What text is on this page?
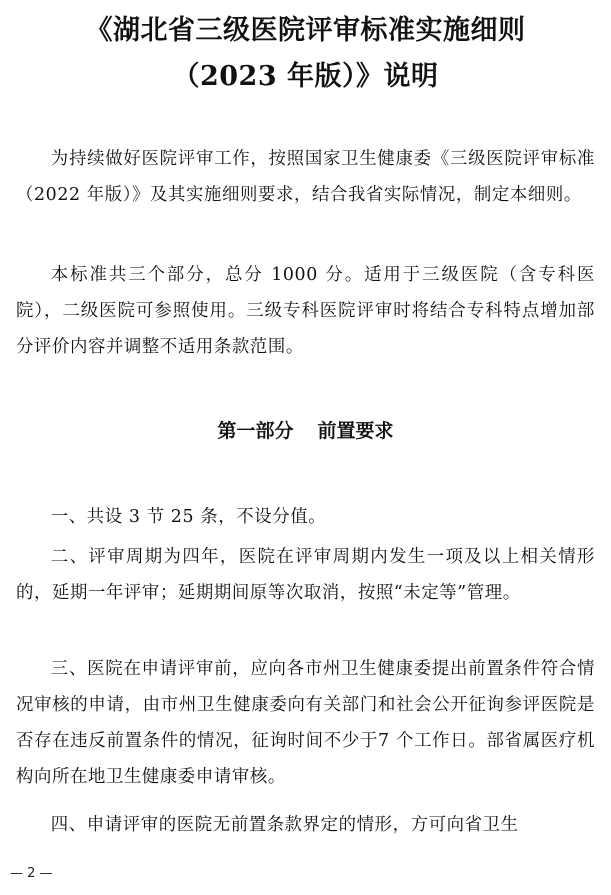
《湖北省三级医院评审标准实施细则
（2023 年版）》说明

为持续做好医院评审工作，按照国家卫生健康委《三级医院评审标准（2022 年版）》及其实施细则要求，结合我省实际情况，制定本细则。

本标准共三个部分，总分 1000 分。适用于三级医院（含专科医院），二级医院可参照使用。三级专科医院评审时将结合专科特点增加部分评价内容并调整不适用条款范围。

第一部分 前置要求

一、共设 3 节 25 条，不设分值。

二、评审周期为四年，医院在评审周期内发生一项及以上相关情形的，延期一年评审；延期期间原等次取消，按照“未定等”管理。

三、医院在申请评审前，应向各市州卫生健康委提出前置条件符合情况审核的申请，由市州卫生健康委向有关部门和社会公开征询参评医院是否存在违反前置条件的情况，征询时间不少于7 个工作日。部省属医疗机构向所在地卫生健康委申请审核。

四、申请评审的医院无前置条款界定的情形，方可向省卫生

— 2 —
